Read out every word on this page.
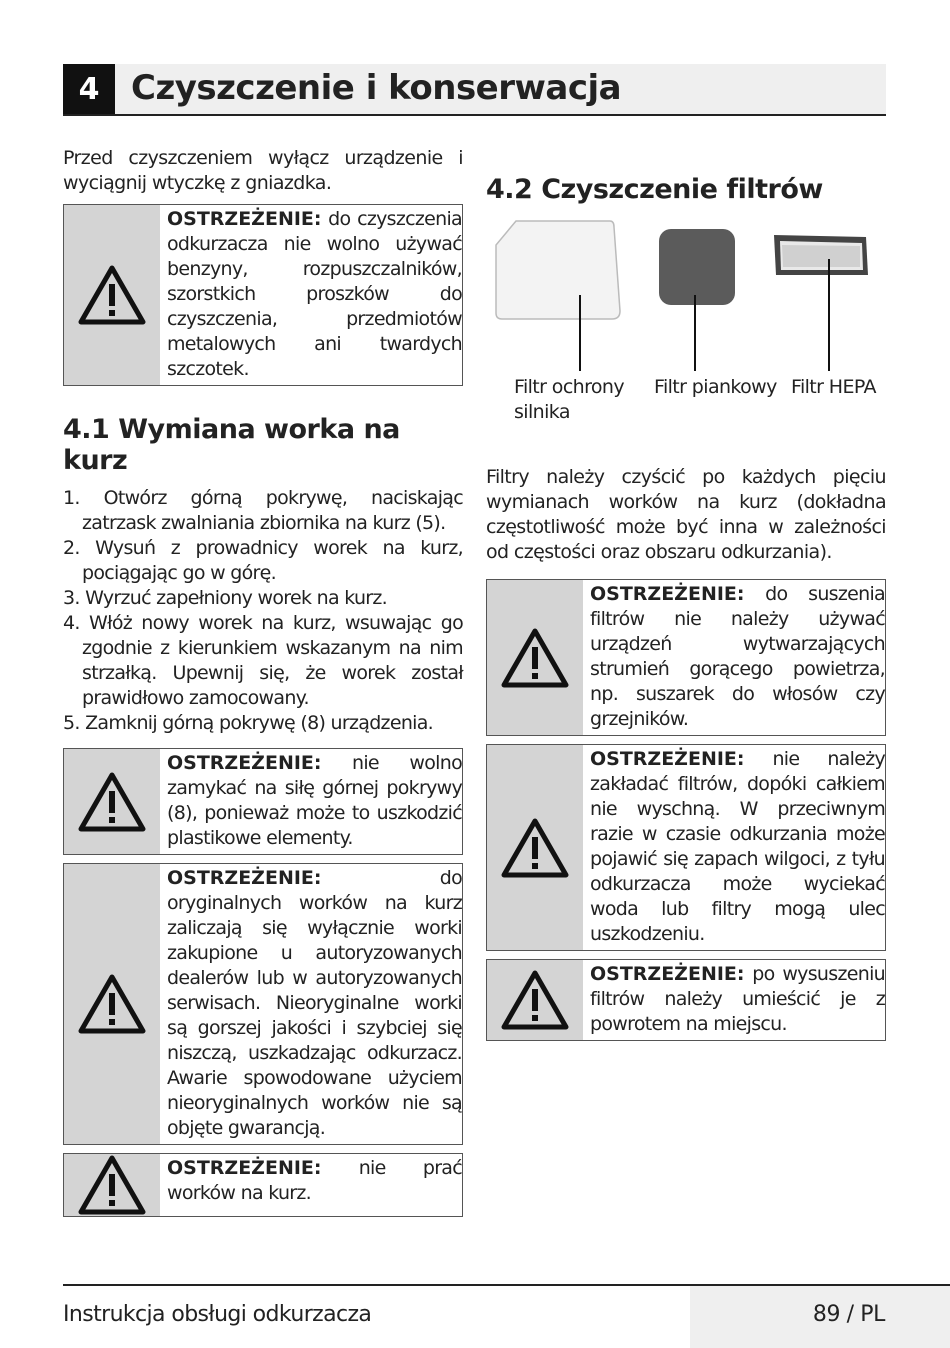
4 Czyszczenie i konserwacja

Przed czyszczeniem wyłącz urządzenie i wyciągnij wtyczkę z gniazdka.

OSTRZEŻENIE: do czyszczenia odkurzacza nie wolno używać benzyny, rozpuszczalników, szorstkich proszków do czyszczenia, przedmiotów metalowych ani twardych szczotek.
4.1 Wymiana worka na kurz
1. Otwórz górną pokrywę, naciskając zatrzask zwalniania zbiornika na kurz (5).
2. Wysuń z prowadnicy worek na kurz, pociągając go w górę.
3. Wyrzuć zapełniony worek na kurz.
4. Włóż nowy worek na kurz, wsuwając go zgodnie z kierunkiem wskazanym na nim strzałką. Upewnij się, że worek został prawidłowo zamocowany.
5. Zamknij górną pokrywę (8) urządzenia.
OSTRZEŻENIE: nie wolno zamykać na siłę górnej pokrywy (8), ponieważ może to uszkodzić plastikowe elementy.
OSTRZEŻENIE:	do oryginalnych worków na kurz zaliczają się wyłącznie worki zakupione u autoryzowanych dealerów lub w autoryzowanych serwisach. Nieoryginalne worki są gorszej jakości i szybciej się niszczą, uszkadzając odkurzacz. Awarie spowodowane użyciem nieoryginalnych worków nie są objęte gwarancją.
OSTRZEŻENIE: nie prać worków na kurz.
4.2 Czyszczenie filtrów
Filtr ochrony silnika
Filtr piankowy Filtr HEPA

Filtry należy czyścić po każdych pięciu wymianach worków na kurz (dokładna częstotliwość może być inna w zależności od częstości oraz obszaru odkurzania).

OSTRZEŻENIE: do suszenia filtrów nie należy używać urządzeń wytwarzających strumień gorącego powietrza, np. suszarek do włosów czy grzejników.
OSTRZEŻENIE: nie należy zakładać filtrów, dopóki całkiem nie wyschną. W przeciwnym razie w czasie odkurzania może pojawić się zapach wilgoci, z tyłu odkurzacza może wyciekać woda lub filtry mogą ulec uszkodzeniu.
OSTRZEŻENIE: po wysuszeniu filtrów należy umieścić je z powrotem na miejscu.
Instrukcja obsługi odkurzacza	89 / PL
